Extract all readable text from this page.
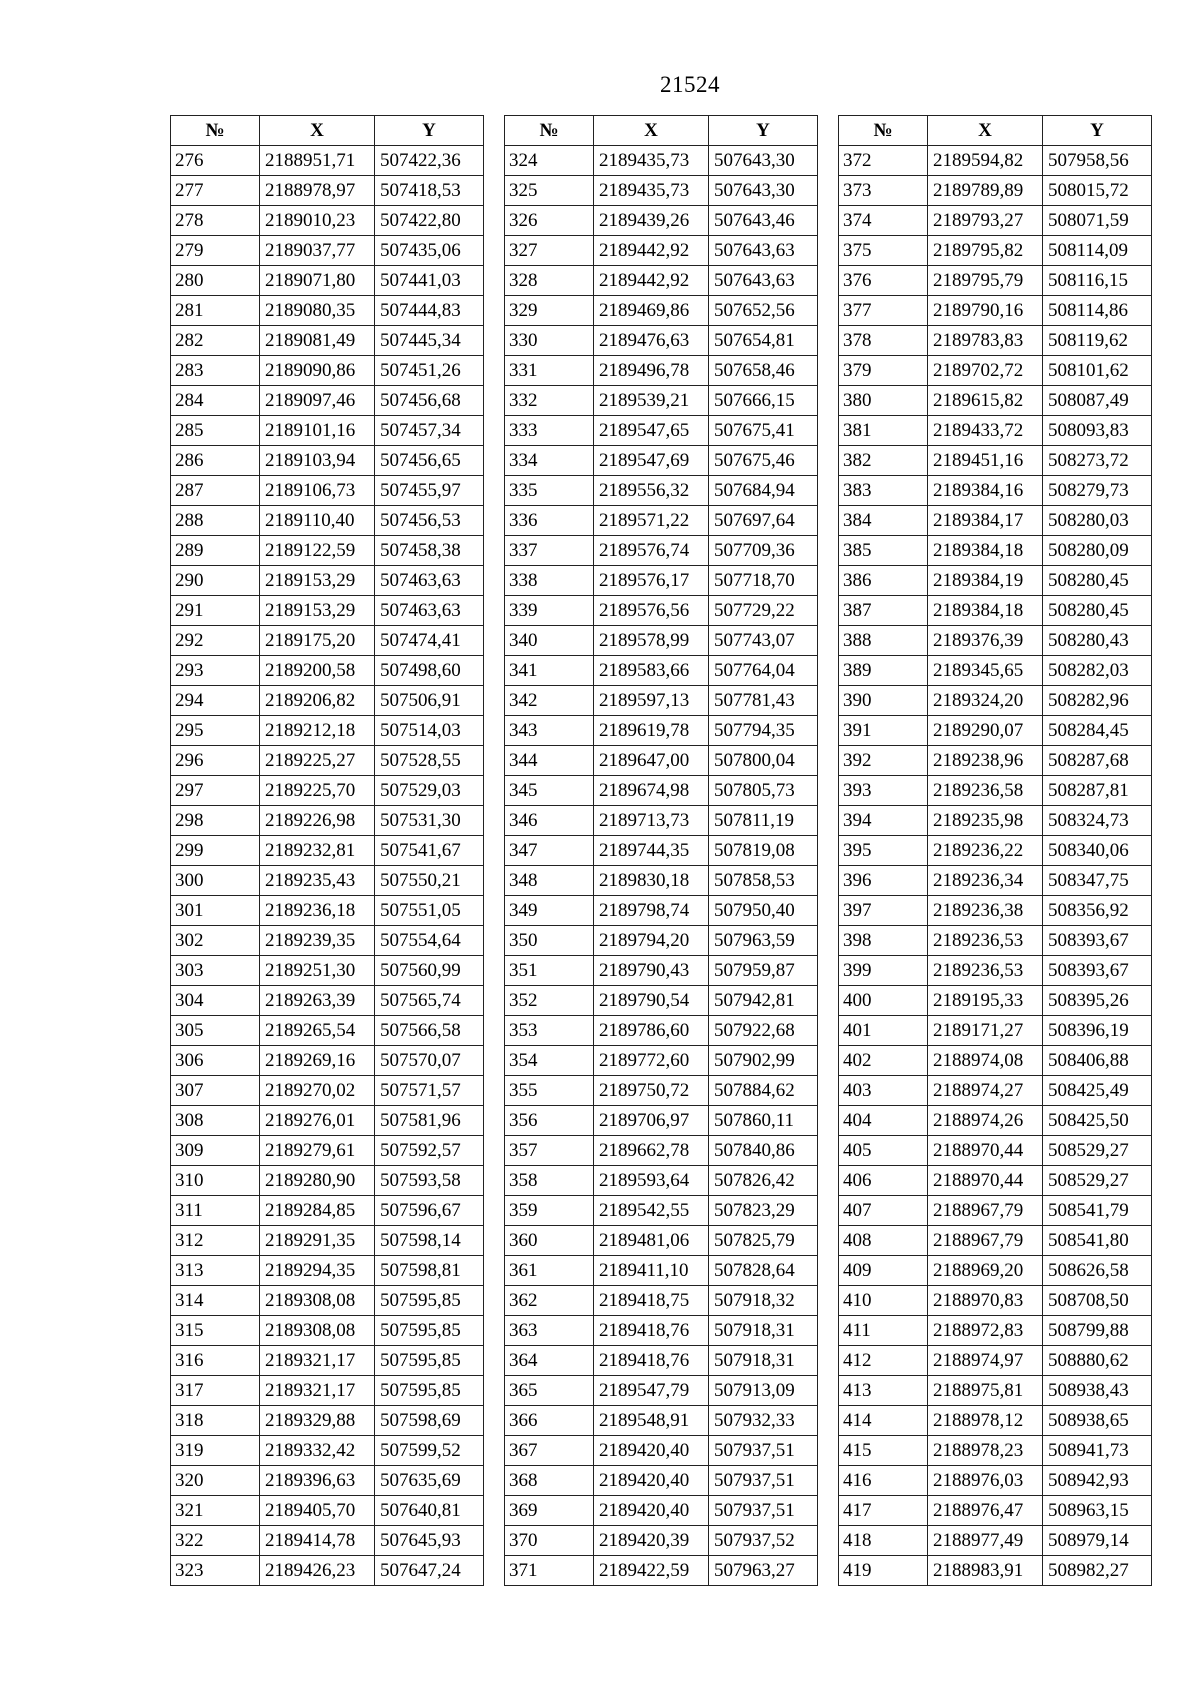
21524
№	X	Y
276	2188951,71	507422,36
277	2188978,97	507418,53
278	2189010,23	507422,80
279	2189037,77	507435,06
280	2189071,80	507441,03
281	2189080,35	507444,83
282	2189081,49	507445,34
283	2189090,86	507451,26
284	2189097,46	507456,68
285	2189101,16	507457,34
286	2189103,94	507456,65
287	2189106,73	507455,97
288	2189110,40	507456,53
289	2189122,59	507458,38
290	2189153,29	507463,63
291	2189153,29	507463,63
292	2189175,20	507474,41
293	2189200,58	507498,60
294	2189206,82	507506,91
295	2189212,18	507514,03
296	2189225,27	507528,55
297	2189225,70	507529,03
298	2189226,98	507531,30
299	2189232,81	507541,67
300	2189235,43	507550,21
301	2189236,18	507551,05
302	2189239,35	507554,64
303	2189251,30	507560,99
304	2189263,39	507565,74
305	2189265,54	507566,58
306	2189269,16	507570,07
307	2189270,02	507571,57
308	2189276,01	507581,96
309	2189279,61	507592,57
310	2189280,90	507593,58
311	2189284,85	507596,67
312	2189291,35	507598,14
313	2189294,35	507598,81
314	2189308,08	507595,85
315	2189308,08	507595,85
316	2189321,17	507595,85
317	2189321,17	507595,85
318	2189329,88	507598,69
319	2189332,42	507599,52
320	2189396,63	507635,69
321	2189405,70	507640,81
322	2189414,78	507645,93
323	2189426,23	507647,24
№	X	Y
324	2189435,73	507643,30
325	2189435,73	507643,30
326	2189439,26	507643,46
327	2189442,92	507643,63
328	2189442,92	507643,63
329	2189469,86	507652,56
330	2189476,63	507654,81
331	2189496,78	507658,46
332	2189539,21	507666,15
333	2189547,65	507675,41
334	2189547,69	507675,46
335	2189556,32	507684,94
336	2189571,22	507697,64
337	2189576,74	507709,36
338	2189576,17	507718,70
339	2189576,56	507729,22
340	2189578,99	507743,07
341	2189583,66	507764,04
342	2189597,13	507781,43
343	2189619,78	507794,35
344	2189647,00	507800,04
345	2189674,98	507805,73
346	2189713,73	507811,19
347	2189744,35	507819,08
348	2189830,18	507858,53
349	2189798,74	507950,40
350	2189794,20	507963,59
351	2189790,43	507959,87
352	2189790,54	507942,81
353	2189786,60	507922,68
354	2189772,60	507902,99
355	2189750,72	507884,62
356	2189706,97	507860,11
357	2189662,78	507840,86
358	2189593,64	507826,42
359	2189542,55	507823,29
360	2189481,06	507825,79
361	2189411,10	507828,64
362	2189418,75	507918,32
363	2189418,76	507918,31
364	2189418,76	507918,31
365	2189547,79	507913,09
366	2189548,91	507932,33
367	2189420,40	507937,51
368	2189420,40	507937,51
369	2189420,40	507937,51
370	2189420,39	507937,52
371	2189422,59	507963,27
№	X	Y
372	2189594,82	507958,56
373	2189789,89	508015,72
374	2189793,27	508071,59
375	2189795,82	508114,09
376	2189795,79	508116,15
377	2189790,16	508114,86
378	2189783,83	508119,62
379	2189702,72	508101,62
380	2189615,82	508087,49
381	2189433,72	508093,83
382	2189451,16	508273,72
383	2189384,16	508279,73
384	2189384,17	508280,03
385	2189384,18	508280,09
386	2189384,19	508280,45
387	2189384,18	508280,45
388	2189376,39	508280,43
389	2189345,65	508282,03
390	2189324,20	508282,96
391	2189290,07	508284,45
392	2189238,96	508287,68
393	2189236,58	508287,81
394	2189235,98	508324,73
395	2189236,22	508340,06
396	2189236,34	508347,75
397	2189236,38	508356,92
398	2189236,53	508393,67
399	2189236,53	508393,67
400	2189195,33	508395,26
401	2189171,27	508396,19
402	2188974,08	508406,88
403	2188974,27	508425,49
404	2188974,26	508425,50
405	2188970,44	508529,27
406	2188970,44	508529,27
407	2188967,79	508541,79
408	2188967,79	508541,80
409	2188969,20	508626,58
410	2188970,83	508708,50
411	2188972,83	508799,88
412	2188974,97	508880,62
413	2188975,81	508938,43
414	2188978,12	508938,65
415	2188978,23	508941,73
416	2188976,03	508942,93
417	2188976,47	508963,15
418	2188977,49	508979,14
419	2188983,91	508982,27
